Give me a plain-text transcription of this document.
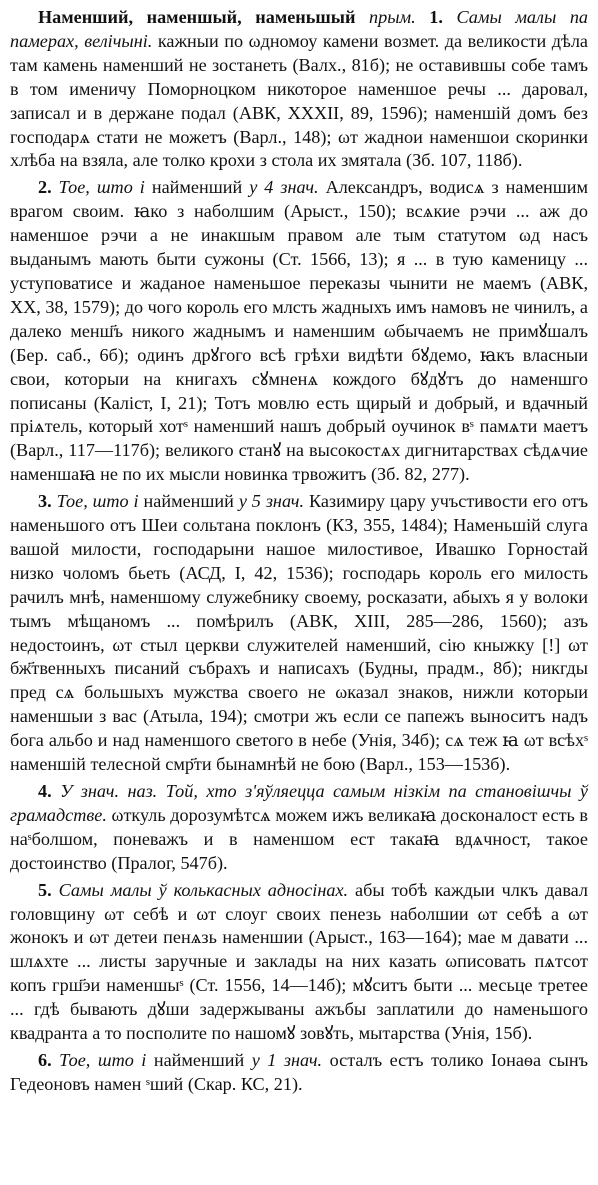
Наменший, наменшый, наменьшый прым. 1. Самы малы па памерах, велічыні. кажныи по ωдномоу камени возмет. да великости дѣла там камень наменший не зостанеть (Валх., 81б); не оставившы собе тамъ в том именичу Поморноцком никоторое наменшое речы ... даровал, записал и в держане подал (АВК, XXXII, 89, 1596); наменшій домъ без господарѧ стати не можетъ (Варл., 148); ωт жаднои наменшои скоринки хлѣба на взяла, але толко крохи з стола их змятала (Зб. 107, 118б).

2. Тое, што і найменший у 4 знач. Александръ, водисѧ з наменшим врагом своим. ꙗко з наболшим (Арыст., 150); всѧкие рэчи ... аж до наменшое рэчи а не инакшым правом але тым статутом ωд насъ выданымъ мають быти сужоны (Ст. 1566, 13); я ... в тую каменицу ... уступоватисе и жаданое наменьшое переказы чынити не маемъ (АВК, XX, 38, 1579); до чого король его млсть жадныхъ имъ намовъ не чинилъ, а далеко менш҃ъ никого жаднымъ и наменшим ωбычаемъ не примꙋшалъ (Бер. саб., 6б); одинъ дрꙋгого всѣ грѣхи видѣти бꙋдемо, ꙗкъ власныи свои, которыи на книгахъ сꙋмненѧ кождого бꙋдꙋтъ до наменшго пописаны (Каліст, I, 21); Тотъ мовлю есть щирый и добрый, и вдачный пріѧтель, который хотˢ наменший нашъ добрый оучинок вˢ памѧти маетъ (Варл., 117—117б); великого станꙋ на высокостѧх дигнитарствах сѣдѧчие наменшаꙗ не по их мысли новинка трвожитъ (Зб. 82, 277).

3. Тое, што і найменший у 5 знач. Казимиру цару учъстивости его отъ наменьшого отъ Шеи сольтана поклонъ (КЗ, 355, 1484); Наменьшій слуга вашой милости, господарыни нашое милостивое, Ивашко Горностай низко чоломъ бьеть (АСД, I, 42, 1536); господарь король его милость рачилъ мнѣ, наменшому служебнику своему, росказати, абыхъ я у волоки тымъ мѣщаномъ ... помѣрилъ (АВК, XIII, 285—286, 1560); азъ недостоинъ, ωт стыл церкви служителей наменший, сію кныжку [!] ωт бж҃твенныхъ писаний събрахъ и написахъ (Будны, прадм., 8б); никгды пред сѧ большыхъ мужства своего не ωказал знаков, нижли которыи наменшыи з вас (Атыла, 194); смотри жъ если се папежъ выноситъ надъ бога альбо и над наменшого светого в небе (Унія, 34б); сѧ теж ꙗ ωт всѣхˢ наменшій телесной смр҃ти бынамнѣй не бою (Варл., 153—153б).

4. У знач. наз. Той, хто з'яўляецца самым нізкім па становішчы ў грамадстве. ωткуль дорозумѣтсѧ можем ижъ великаꙗ досконалост есть в наˢболшом, поневажъ и в наменшом ест такаꙗ вдѧчност, такое достоинство (Пралог, 547б).

5. Самы малы ў колькасных адносінах. абы тобѣ каждыи члкъ давал головщину ωт себѣ и ωт слоуг своих пенезь наболшии ωт себѣ а ωт жонокъ и ωт детеи пенѧзь наменшии (Арыст., 163—164); мае м давати ... шлѧхте ... листы заручные и заклады на них казать ωписовать пѧтсот копъ грш҃эи наменшыˢ (Ст. 1556, 14—14б); мꙋситъ быти ... месьце третее ... гдѣ бывають дꙋши задержываны ажъбы заплатили до наменьшого квадранта а то посполите по нашомꙋ зовꙋть, мытарства (Унія, 15б).

6. Тое, што і найменший у 1 знач. осталъ естъ толико Іонаѳа сынъ Гедеоновъ намен ˢший (Скар. КС, 21).
